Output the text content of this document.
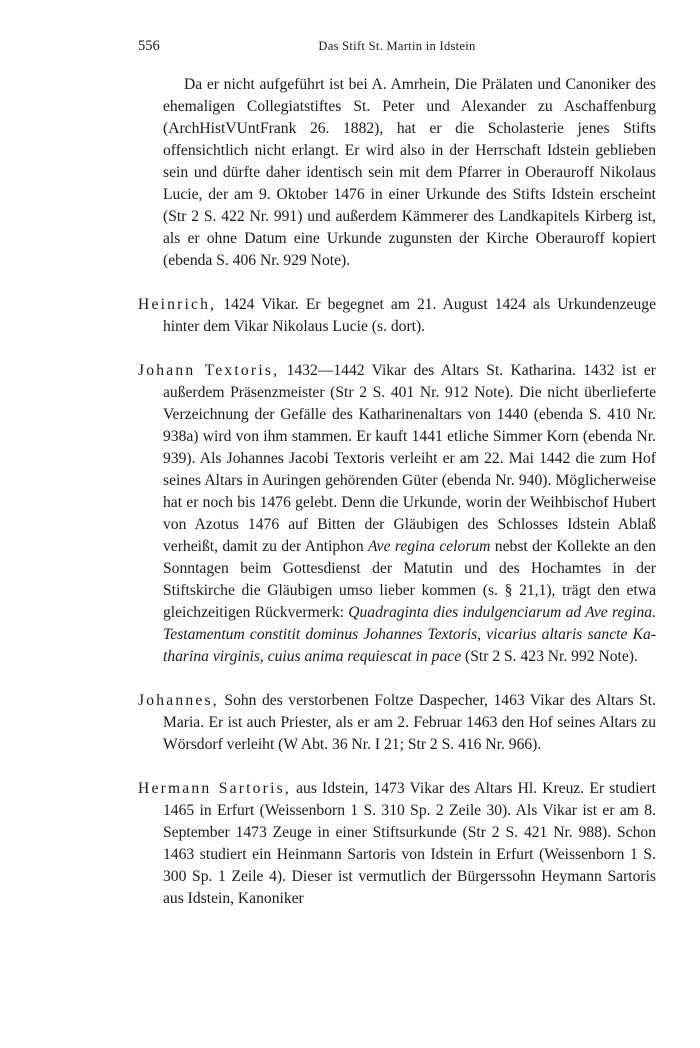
556	Das Stift St. Martin in Idstein

Da er nicht aufgeführt ist bei A. Amrhein, Die Prälaten und Canoniker des ehemaligen Collegiatstiftes St. Peter und Alexander zu Aschaffenburg (ArchHistVUntFrank 26. 1882), hat er die Scholasterie jenes Stifts offensichtlich nicht erlangt. Er wird also in der Herrschaft Idstein geblieben sein und dürfte daher identisch sein mit dem Pfarrer in Oberauroff Nikolaus Lucie, der am 9. Oktober 1476 in einer Urkunde des Stifts Idstein erscheint (Str 2 S. 422 Nr. 991) und außerdem Kämmerer des Landkapitels Kirberg ist, als er ohne Datum eine Urkunde zugunsten der Kirche Oberauroff kopiert (ebenda S. 406 Nr. 929 Note).

Heinrich, 1424 Vikar. Er begegnet am 21. August 1424 als Urkundenzeuge hinter dem Vikar Nikolaus Lucie (s. dort).

Johann Textoris, 1432—1442 Vikar des Altars St. Katharina. 1432 ist er außerdem Präsenzmeister (Str 2 S. 401 Nr. 912 Note). Die nicht überlieferte Verzeichnung der Gefälle des Katharinenaltars von 1440 (ebenda S. 410 Nr. 938a) wird von ihm stammen. Er kauft 1441 etliche Simmer Korn (ebenda Nr. 939). Als Johannes Jacobi Textoris verleiht er am 22. Mai 1442 die zum Hof seines Altars in Auringen gehörenden Güter (ebenda Nr. 940). Möglicherweise hat er noch bis 1476 gelebt. Denn die Urkunde, worin der Weihbischof Hubert von Azotus 1476 auf Bitten der Gläubigen des Schlosses Idstein Ablaß verheißt, damit zu der Antiphon Ave regina celorum nebst der Kollekte an den Sonntagen beim Gottesdienst der Matutin und des Hochamtes in der Stiftskirche die Gläubigen umso lieber kommen (s. § 21,1), trägt den etwa gleichzeitigen Rückvermerk: Quadraginta dies indulgenciarum ad Ave regina. Testamentum constitit dominus Johannes Textoris, vicarius altaris sancte Katharina virginis, cuius anima requiescat in pace (Str 2 S. 423 Nr. 992 Note).

Johannes, Sohn des verstorbenen Foltze Daspecher, 1463 Vikar des Altars St. Maria. Er ist auch Priester, als er am 2. Februar 1463 den Hof seines Altars zu Wörsdorf verleiht (W Abt. 36 Nr. I 21; Str 2 S. 416 Nr. 966).

Hermann Sartoris, aus Idstein, 1473 Vikar des Altars Hl. Kreuz. Er studiert 1465 in Erfurt (Weissenborn 1 S. 310 Sp. 2 Zeile 30). Als Vikar ist er am 8. September 1473 Zeuge in einer Stiftsurkunde (Str 2 S. 421 Nr. 988). Schon 1463 studiert ein Heinmann Sartoris von Idstein in Erfurt (Weissenborn 1 S. 300 Sp. 1 Zeile 4). Dieser ist vermutlich der Bürgerssohn Heymann Sartoris aus Idstein, Kanoniker
